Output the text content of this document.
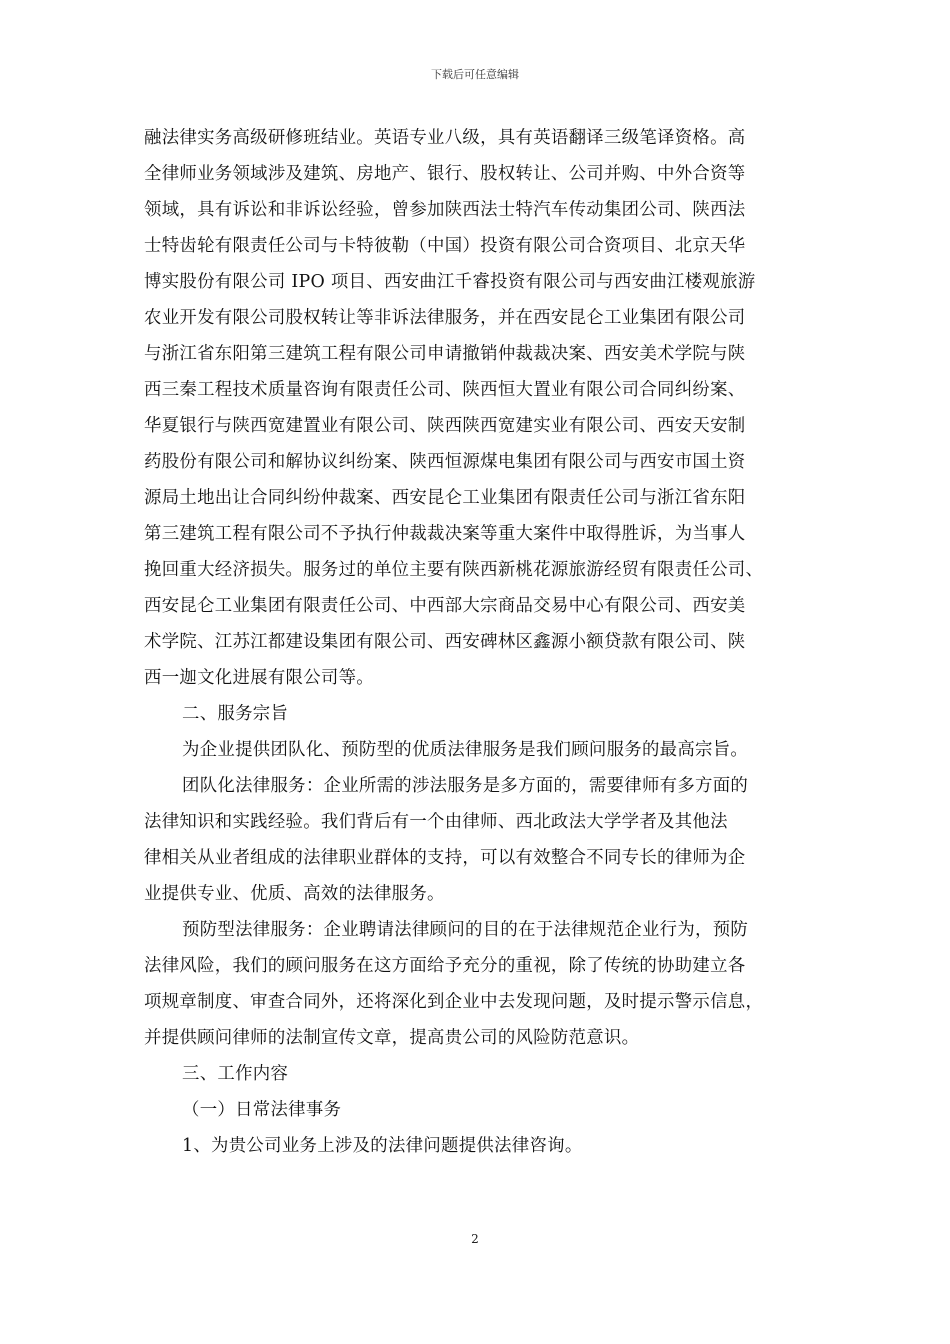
下载后可任意编辑
融法律实务高级研修班结业。英语专业八级，具有英语翻译三级笔译资格。高
全律师业务领域涉及建筑、房地产、银行、股权转让、公司并购、中外合资等
领域，具有诉讼和非诉讼经验，曾参加陕西法士特汽车传动集团公司、陕西法
士特齿轮有限责任公司与卡特彼勒（中国）投资有限公司合资项目、北京天华
博实股份有限公司 IPO 项目、西安曲江千睿投资有限公司与西安曲江楼观旅游
农业开发有限公司股权转让等非诉法律服务，并在西安昆仑工业集团有限公司
与浙江省东阳第三建筑工程有限公司申请撤销仲裁裁决案、西安美术学院与陕
西三秦工程技术质量咨询有限责任公司、陕西恒大置业有限公司合同纠纷案、
华夏银行与陕西宽建置业有限公司、陕西陕西宽建实业有限公司、西安天安制
药股份有限公司和解协议纠纷案、陕西恒源煤电集团有限公司与西安市国土资
源局土地出让合同纠纷仲裁案、西安昆仑工业集团有限责任公司与浙江省东阳
第三建筑工程有限公司不予执行仲裁裁决案等重大案件中取得胜诉，为当事人
挽回重大经济损失。服务过的单位主要有陕西新桃花源旅游经贸有限责任公司、
西安昆仑工业集团有限责任公司、中西部大宗商品交易中心有限公司、西安美
术学院、江苏江都建设集团有限公司、西安碑林区鑫源小额贷款有限公司、陕
西一迦文化进展有限公司等。
二、服务宗旨
为企业提供团队化、预防型的优质法律服务是我们顾问服务的最高宗旨。
团队化法律服务：企业所需的涉法服务是多方面的，需要律师有多方面的
法律知识和实践经验。我们背后有一个由律师、西北政法大学学者及其他法
律相关从业者组成的法律职业群体的支持，可以有效整合不同专长的律师为企
业提供专业、优质、高效的法律服务。
预防型法律服务：企业聘请法律顾问的目的在于法律规范企业行为，预防
法律风险，我们的顾问服务在这方面给予充分的重视，除了传统的协助建立各
项规章制度、审查合同外，还将深化到企业中去发现问题，及时提示警示信息，
并提供顾问律师的法制宣传文章，提高贵公司的风险防范意识。
三、工作内容
（一）日常法律事务
1、为贵公司业务上涉及的法律问题提供法律咨询。
2
